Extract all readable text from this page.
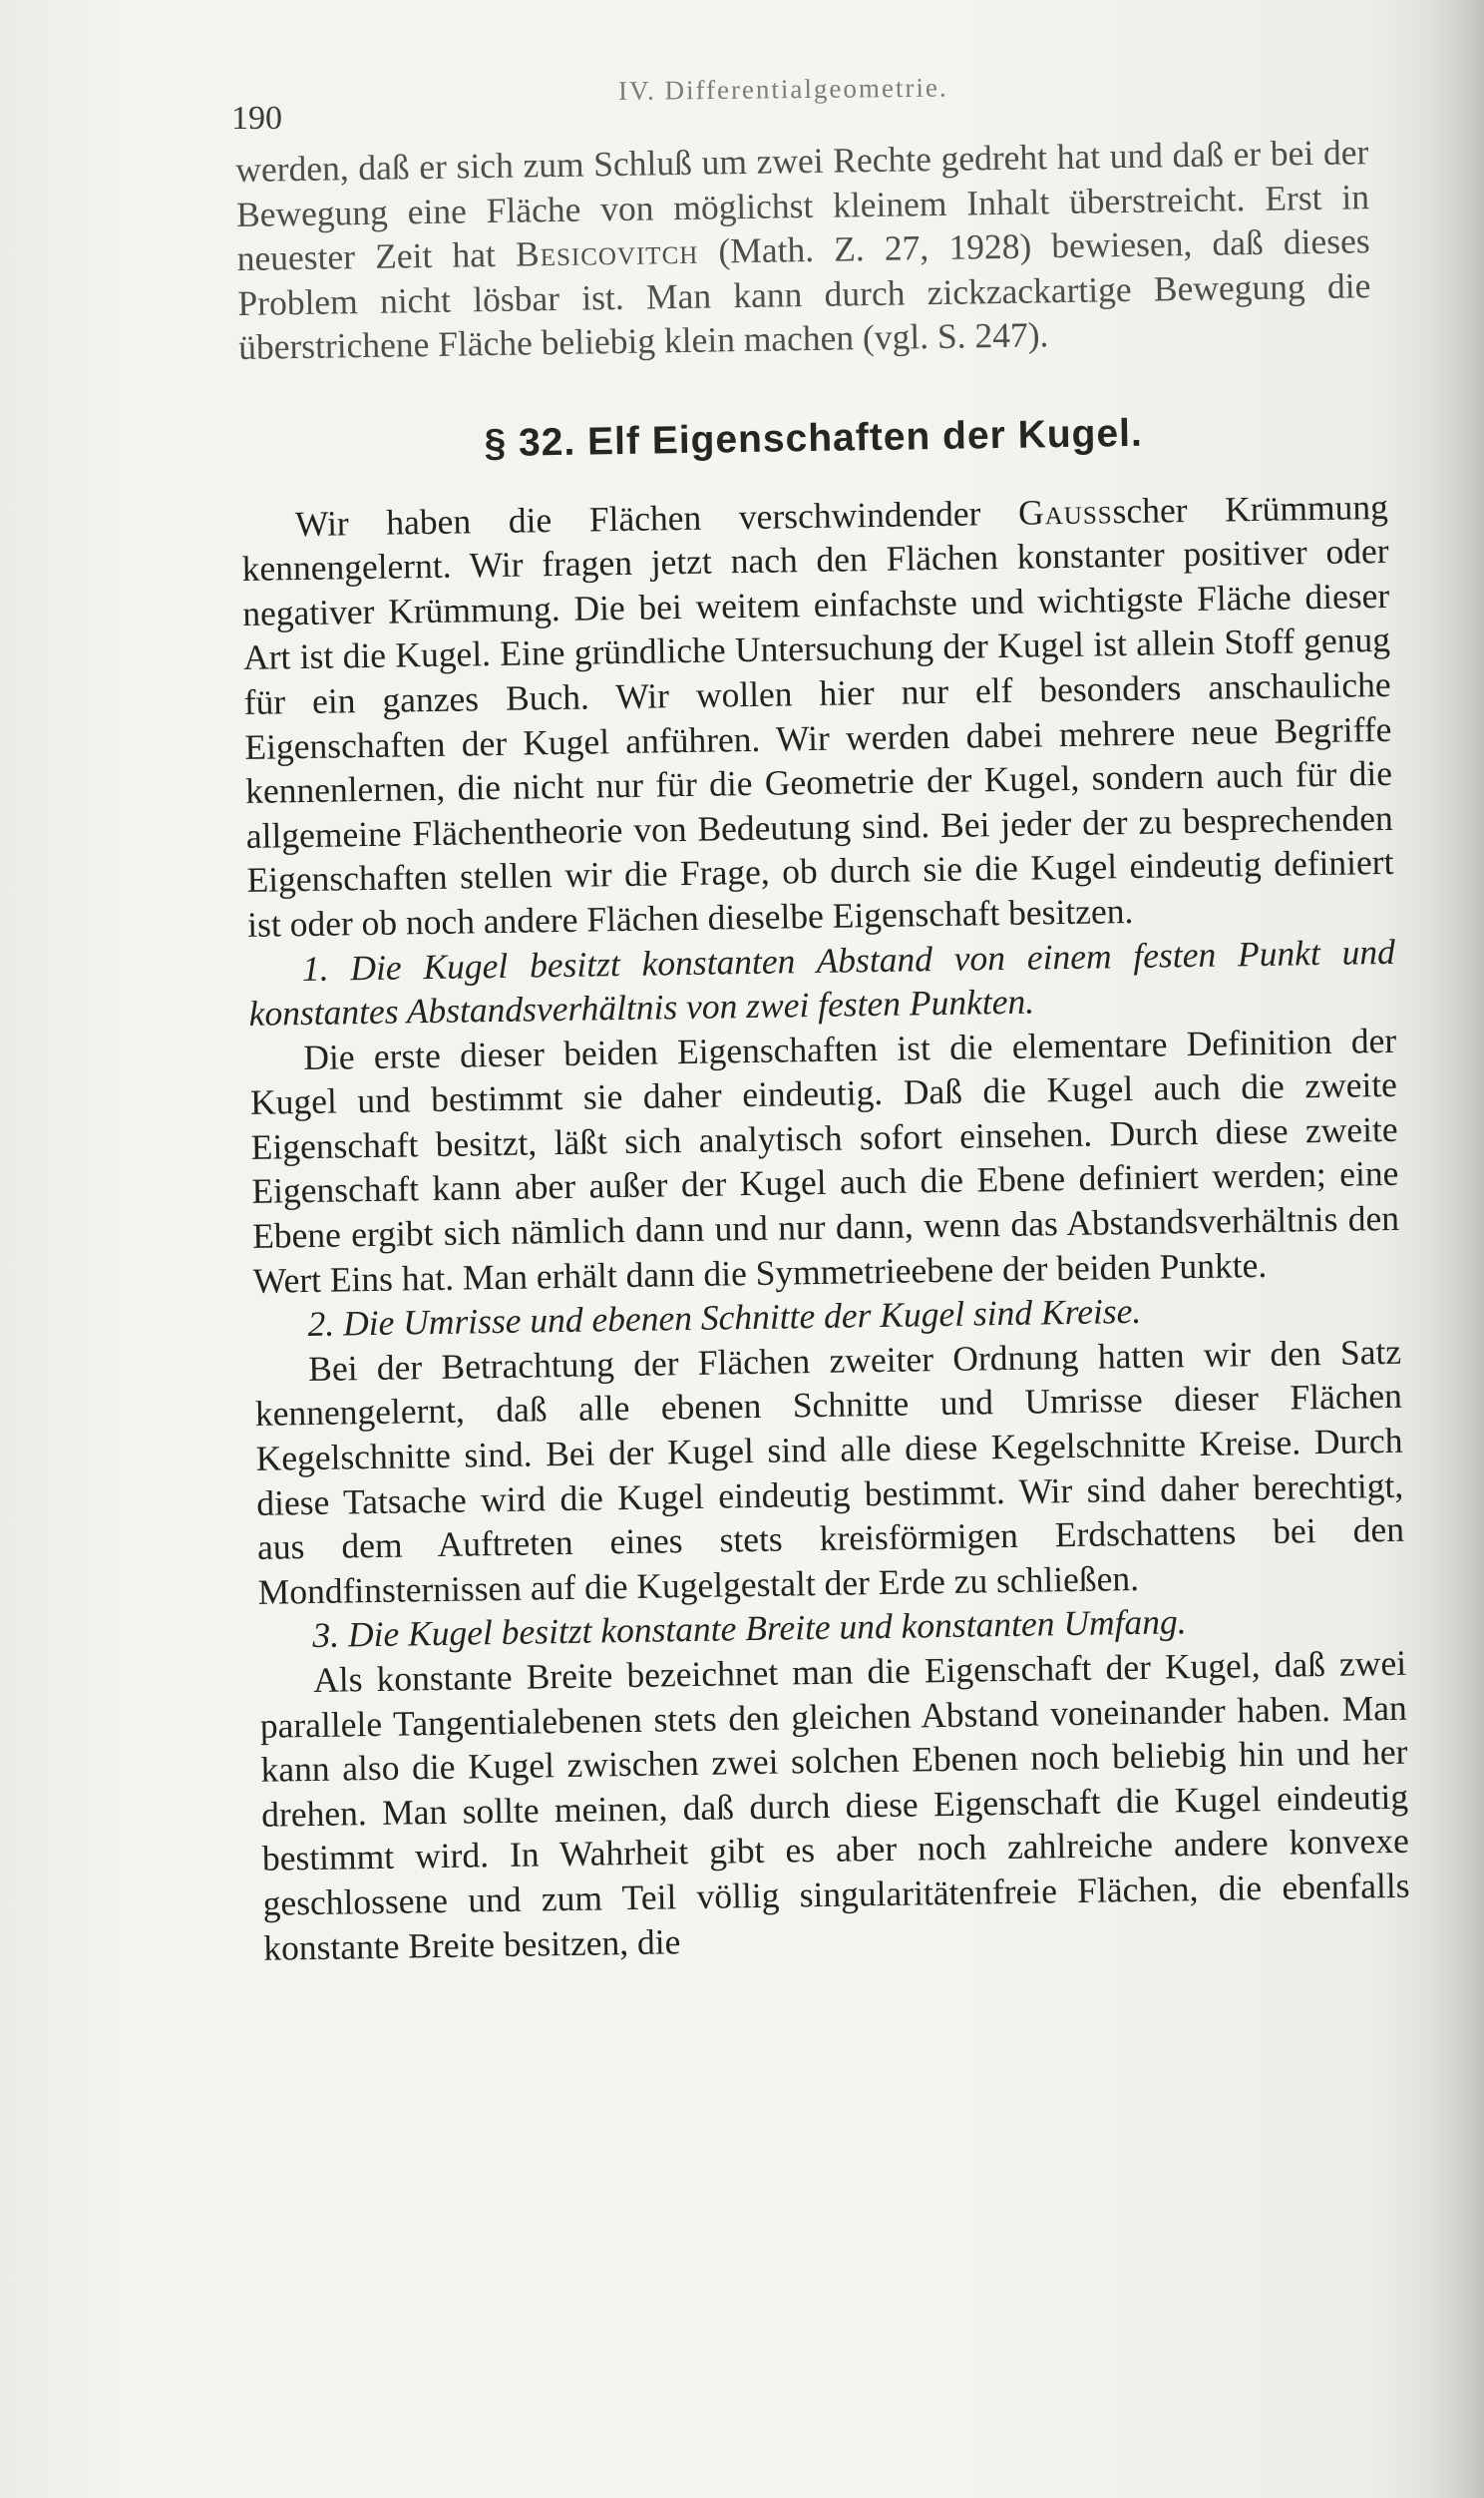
190
IV. Differentialgeometrie.

werden, daß er sich zum Schluß um zwei Rechte gedreht hat und daß er bei der Bewegung eine Fläche von möglichst kleinem Inhalt überstreicht. Erst in neuester Zeit hat Besicovitch (Math. Z. 27, 1928) bewiesen, daß dieses Problem nicht lösbar ist. Man kann durch zickzackartige Bewegung die überstrichene Fläche beliebig klein machen (vgl. S. 247).

§ 32. Elf Eigenschaften der Kugel.

Wir haben die Flächen verschwindender Gaussscher Krümmung kennengelernt. Wir fragen jetzt nach den Flächen konstanter positiver oder negativer Krümmung. Die bei weitem einfachste und wichtigste Fläche dieser Art ist die Kugel. Eine gründliche Untersuchung der Kugel ist allein Stoff genug für ein ganzes Buch. Wir wollen hier nur elf besonders anschauliche Eigenschaften der Kugel anführen. Wir werden dabei mehrere neue Begriffe kennenlernen, die nicht nur für die Geometrie der Kugel, sondern auch für die allgemeine Flächentheorie von Bedeutung sind. Bei jeder der zu besprechenden Eigenschaften stellen wir die Frage, ob durch sie die Kugel eindeutig definiert ist oder ob noch andere Flächen dieselbe Eigenschaft besitzen.

1. Die Kugel besitzt konstanten Abstand von einem festen Punkt und konstantes Abstandsverhältnis von zwei festen Punkten.

Die erste dieser beiden Eigenschaften ist die elementare Definition der Kugel und bestimmt sie daher eindeutig. Daß die Kugel auch die zweite Eigenschaft besitzt, läßt sich analytisch sofort einsehen. Durch diese zweite Eigenschaft kann aber außer der Kugel auch die Ebene definiert werden; eine Ebene ergibt sich nämlich dann und nur dann, wenn das Abstandsverhältnis den Wert Eins hat. Man erhält dann die Symmetrieebene der beiden Punkte.

2. Die Umrisse und ebenen Schnitte der Kugel sind Kreise.

Bei der Betrachtung der Flächen zweiter Ordnung hatten wir den Satz kennengelernt, daß alle ebenen Schnitte und Umrisse dieser Flächen Kegelschnitte sind. Bei der Kugel sind alle diese Kegelschnitte Kreise. Durch diese Tatsache wird die Kugel eindeutig bestimmt. Wir sind daher berechtigt, aus dem Auftreten eines stets kreisförmigen Erdschattens bei den Mondfinsternissen auf die Kugelgestalt der Erde zu schließen.

3. Die Kugel besitzt konstante Breite und konstanten Umfang.

Als konstante Breite bezeichnet man die Eigenschaft der Kugel, daß zwei parallele Tangentialebenen stets den gleichen Abstand voneinander haben. Man kann also die Kugel zwischen zwei solchen Ebenen noch beliebig hin und her drehen. Man sollte meinen, daß durch diese Eigenschaft die Kugel eindeutig bestimmt wird. In Wahrheit gibt es aber noch zahlreiche andere konvexe geschlossene und zum Teil völlig singularitätenfreie Flächen, die ebenfalls konstante Breite besitzen, die
